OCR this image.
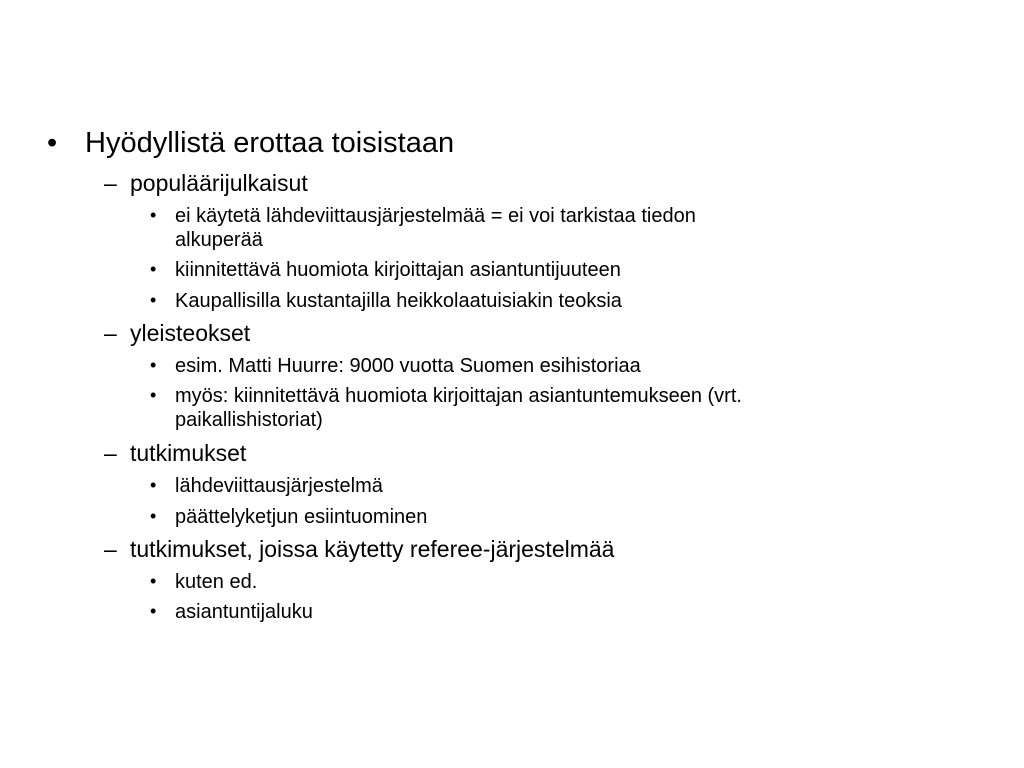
• Hyödyllistä erottaa toisistaan
– populäärijulkaisut
• ei käytetä lähdeviittausjärjestelmää = ei voi tarkistaa tiedon
alkuperää
• kiinnitettävä huomiota kirjoittajan asiantuntijuuteen
• Kaupallisilla kustantajilla heikkolaatuisiakin teoksia
– yleisteokset
• esim. Matti Huurre: 9000 vuotta Suomen esihistoriaa
• myös: kiinnitettävä huomiota kirjoittajan asiantuntemukseen (vrt.
paikallishistoriat)
– tutkimukset
• lähdeviittausjärjestelmä
• päättelyketjun esiintuominen
– tutkimukset, joissa käytetty referee-järjestelmää
• kuten ed.
• asiantuntijaluku
